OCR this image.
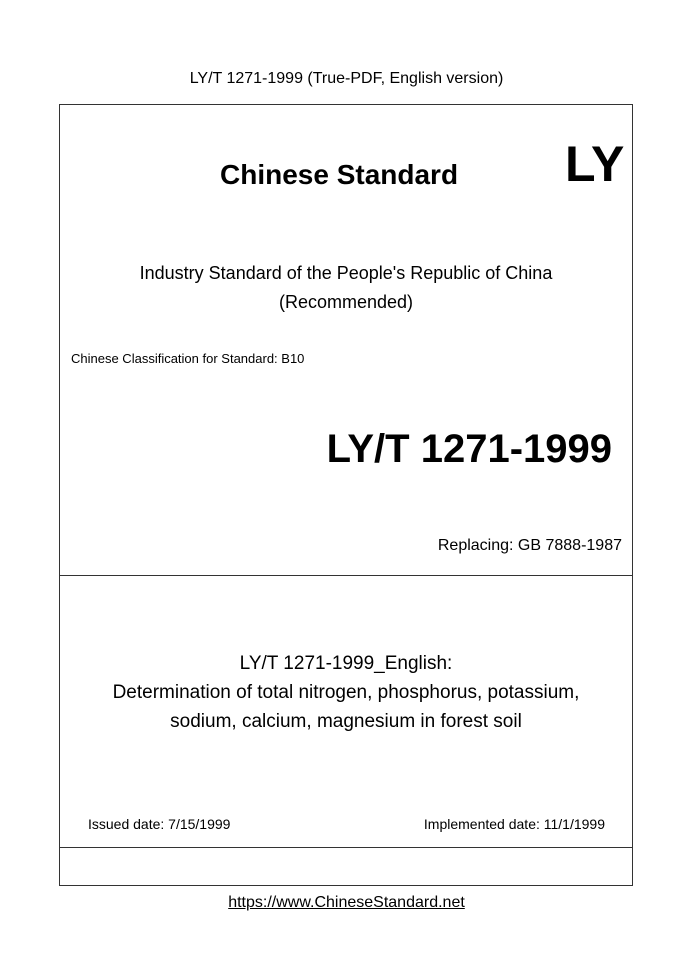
LY/T 1271-1999 (True-PDF, English version)
Chinese Standard LY
Industry Standard of the People's Republic of China
(Recommended)
Chinese Classification for Standard: B10
LY/T 1271-1999
Replacing: GB 7888-1987
LY/T 1271-1999_English:
Determination of total nitrogen, phosphorus, potassium,
sodium, calcium, magnesium in forest soil
Issued date: 7/15/1999	Implemented date: 11/1/1999
https://www.ChineseStandard.net
